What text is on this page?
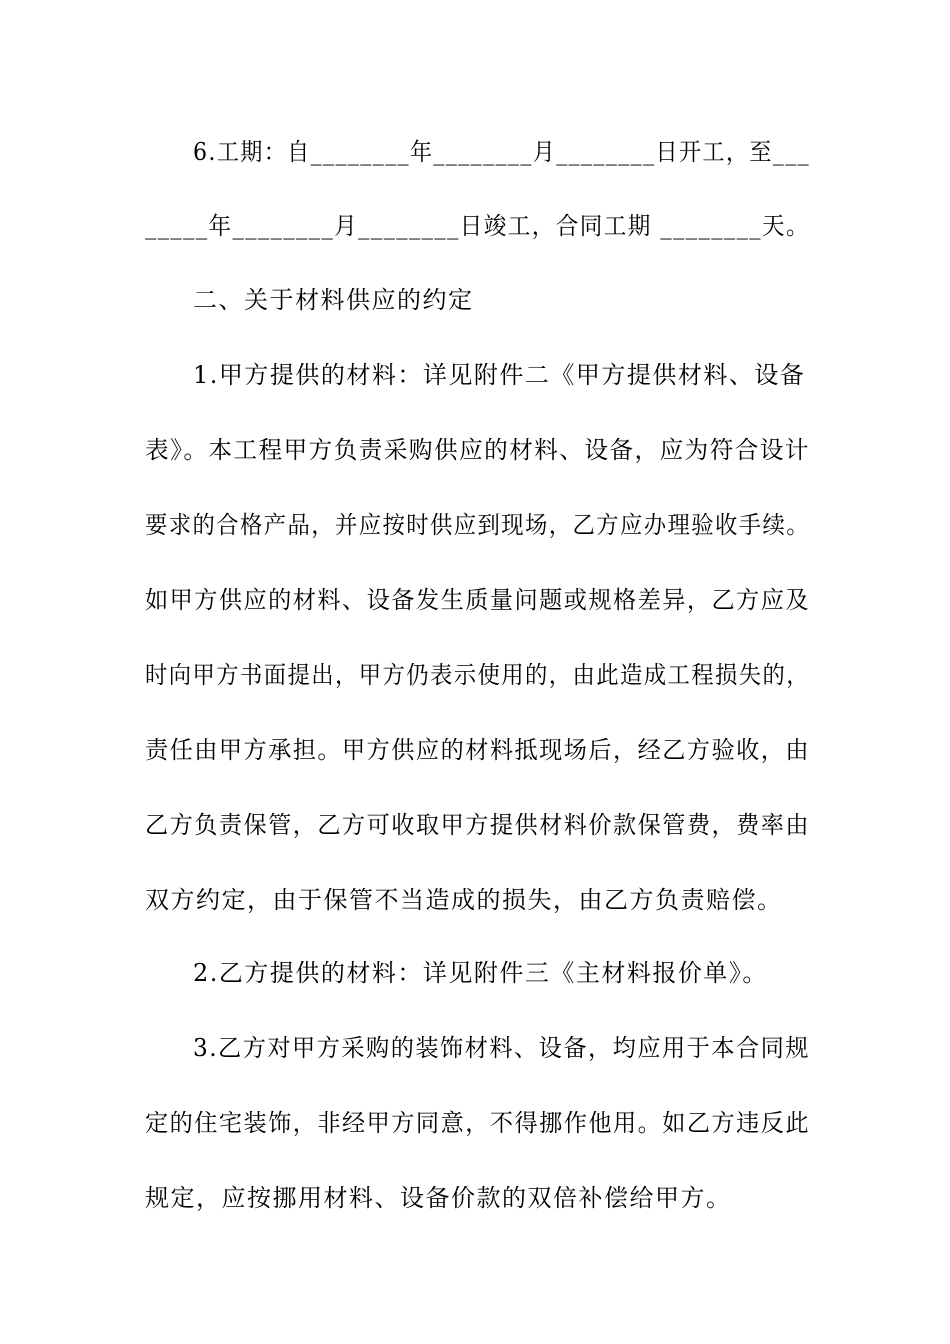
6.工期：自________年________月________日开工，至___
_____年________月________日竣工，合同工期 ________天。
二、关于材料供应的约定
1.甲方提供的材料：详见附件二《甲方提供材料、设备
表》。本工程甲方负责采购供应的材料、设备，应为符合设计
要求的合格产品，并应按时供应到现场，乙方应办理验收手续。
如甲方供应的材料、设备发生质量问题或规格差异，乙方应及
时向甲方书面提出，甲方仍表示使用的，由此造成工程损失的，
责任由甲方承担。甲方供应的材料抵现场后，经乙方验收，由
乙方负责保管，乙方可收取甲方提供材料价款保管费，费率由
双方约定，由于保管不当造成的损失，由乙方负责赔偿。
2.乙方提供的材料：详见附件三《主材料报价单》。
3.乙方对甲方采购的装饰材料、设备，均应用于本合同规
定的住宅装饰，非经甲方同意，不得挪作他用。如乙方违反此
规定，应按挪用材料、设备价款的双倍补偿给甲方。
